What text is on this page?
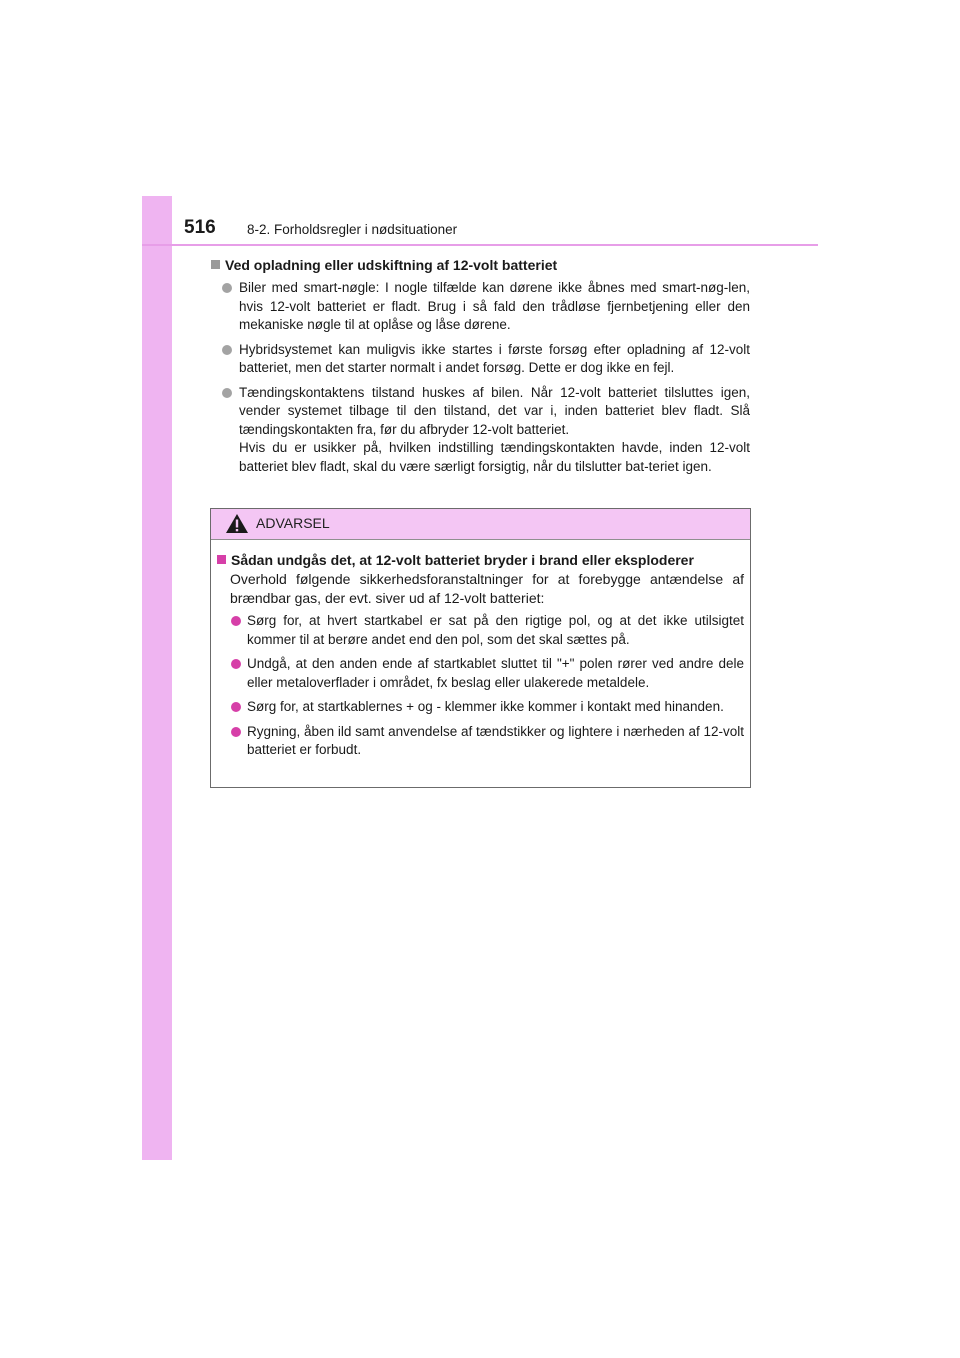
516 8-2. Forholdsregler i nødsituationer
Ved opladning eller udskiftning af 12-volt batteriet

Biler med smart-nøgle: I nogle tilfælde kan dørene ikke åbnes med smart-nøg-len, hvis 12-volt batteriet er fladt. Brug i så fald den trådløse fjernbetjening eller den mekaniske nøgle til at oplåse og låse dørene.

Hybridsystemet kan muligvis ikke startes i første forsøg efter opladning af 12-volt batteriet, men det starter normalt i andet forsøg. Dette er dog ikke en fejl.

Tændingskontaktens tilstand huskes af bilen. Når 12-volt batteriet tilsluttes igen, vender systemet tilbage til den tilstand, det var i, inden batteriet blev fladt. Slå tændingskontakten fra, før du afbryder 12-volt batteriet.

Hvis du er usikker på, hvilken indstilling tændingskontakten havde, inden 12-volt batteriet blev fladt, skal du være særligt forsigtig, når du tilslutter bat-teriet igen.

ADVARSEL
Sådan undgås det, at 12-volt batteriet bryder i brand eller eksploderer
Overhold følgende sikkerhedsforanstaltninger for at forebygge antændelse af brændbar gas, der evt. siver ud af 12-volt batteriet:
Sørg for, at hvert startkabel er sat på den rigtige pol, og at det ikke utilsigtet kommer til at berøre andet end den pol, som det skal sættes på.
Undgå, at den anden ende af startkablet sluttet til "+" polen rører ved andre dele eller metaloverflader i området, fx beslag eller ulakerede metaldele.
Sørg for, at startkablernes + og - klemmer ikke kommer i kontakt med hinanden.
Rygning, åben ild samt anvendelse af tændstikker og lightere i nærheden af 12-volt batteriet er forbudt.
